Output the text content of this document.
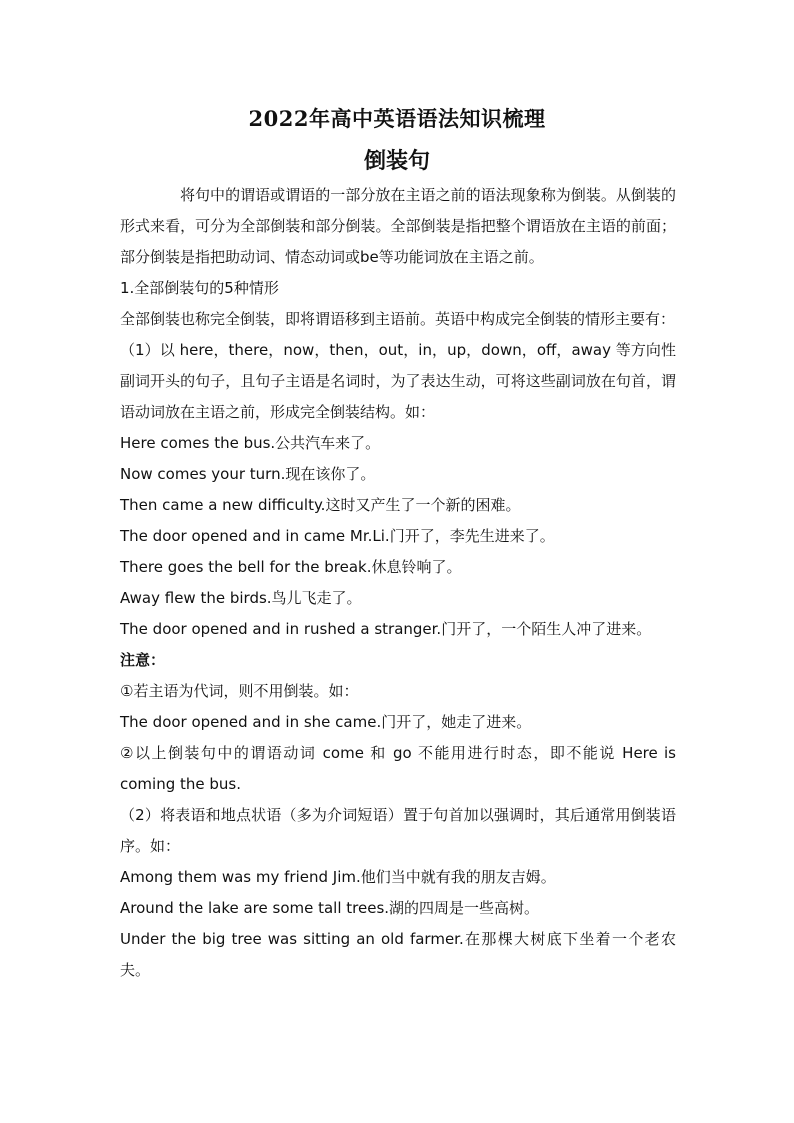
2022年高中英语语法知识梳理
倒装句

将句中的谓语或谓语的一部分放在主语之前的语法现象称为倒装。从倒装的形式来看，可分为全部倒装和部分倒装。全部倒装是指把整个谓语放在主语的前面；部分倒装是指把助动词、情态动词或be等功能词放在主语之前。

1.全部倒装句的5种情形

全部倒装也称完全倒装，即将谓语移到主语前。英语中构成完全倒装的情形主要有：

（1）以 here，there，now，then，out，in，up，down，off，away 等方向性副词开头的句子，且句子主语是名词时，为了表达生动，可将这些副词放在句首，谓语动词放在主语之前，形成完全倒装结构。如：

Here comes the bus.公共汽车来了。

Now comes your turn.现在该你了。

Then came a new difficulty.这时又产生了一个新的困难。

The door opened and in came Mr.Li.门开了，李先生进来了。

There goes the bell for the break.休息铃响了。

Away flew the birds.鸟儿飞走了。

The door opened and in rushed a stranger.门开了，一个陌生人冲了进来。

注意：

①若主语为代词，则不用倒装。如：

The door opened and in she came.门开了，她走了进来。

②以上倒装句中的谓语动词 come 和 go 不能用进行时态，即不能说 Here is coming the bus.

（2）将表语和地点状语（多为介词短语）置于句首加以强调时，其后通常用倒装语序。如：

Among them was my friend Jim.他们当中就有我的朋友吉姆。

Around the lake are some tall trees.湖的四周是一些高树。

Under the big tree was sitting an old farmer.在那棵大树底下坐着一个老农夫。
